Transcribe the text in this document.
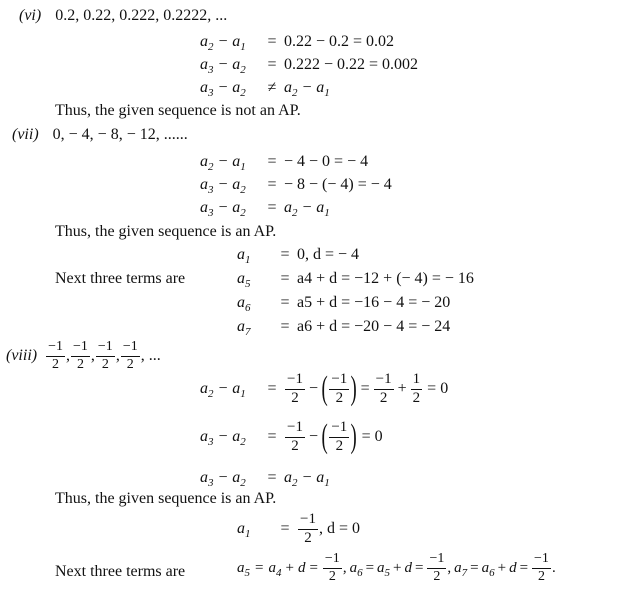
(vi) 0.2, 0.22, 0.222, 0.2222, ...
$a_2 - a_1$	= 0.22 − 0.2 = 0.02
$a_3 - a_2$	= 0.222 − 0.22 = 0.002
$a_3 - a_2$	≠ $a_2 - a_1$
Thus, the given sequence is not an AP.
(vii) 0, − 4, − 8, − 12, ......
$a_2 - a_1$	= − 4 − 0 = − 4
$a_3 - a_2$	= − 8 − (− 4) = − 4
$a_3 - a_2$	= $a_2 - a_1$
Thus, the given sequence is an AP.
$a_1$	= 0, d = − 4
Next three terms are	$a_5$	= a4 + d = −12 + (− 4) = − 16
$a_6$	= a5 + d = −16 − 4 = − 20
$a_7$	= a6 + d = −20 − 4 = − 24
(viii)
−1
2 ,
−1
2 ,
−1
2 ,
−1
2 , ...
$a_2 - a_1$	= $\frac{-1}{2}$ − ( −1
2 ) = $\frac{-1}{2} + \frac{1}{2} = 0$
$a_3 - a_2$	= $\frac{-1}{2}$ − ( −1
2 ) = 0
$a_3 - a_2$	= $a_2 - a_1$
Thus, the given sequence is an AP.
$a_1$	= $\frac{-1}{2}$ , d = 0
Next three terms are	$a_5 = a_4 + d = \frac{-1}{2}$ , $a_6 = a_5 + d = \frac{-1}{2}$ , $a_7 = a_6 + d = \frac{-1}{2}$ .
